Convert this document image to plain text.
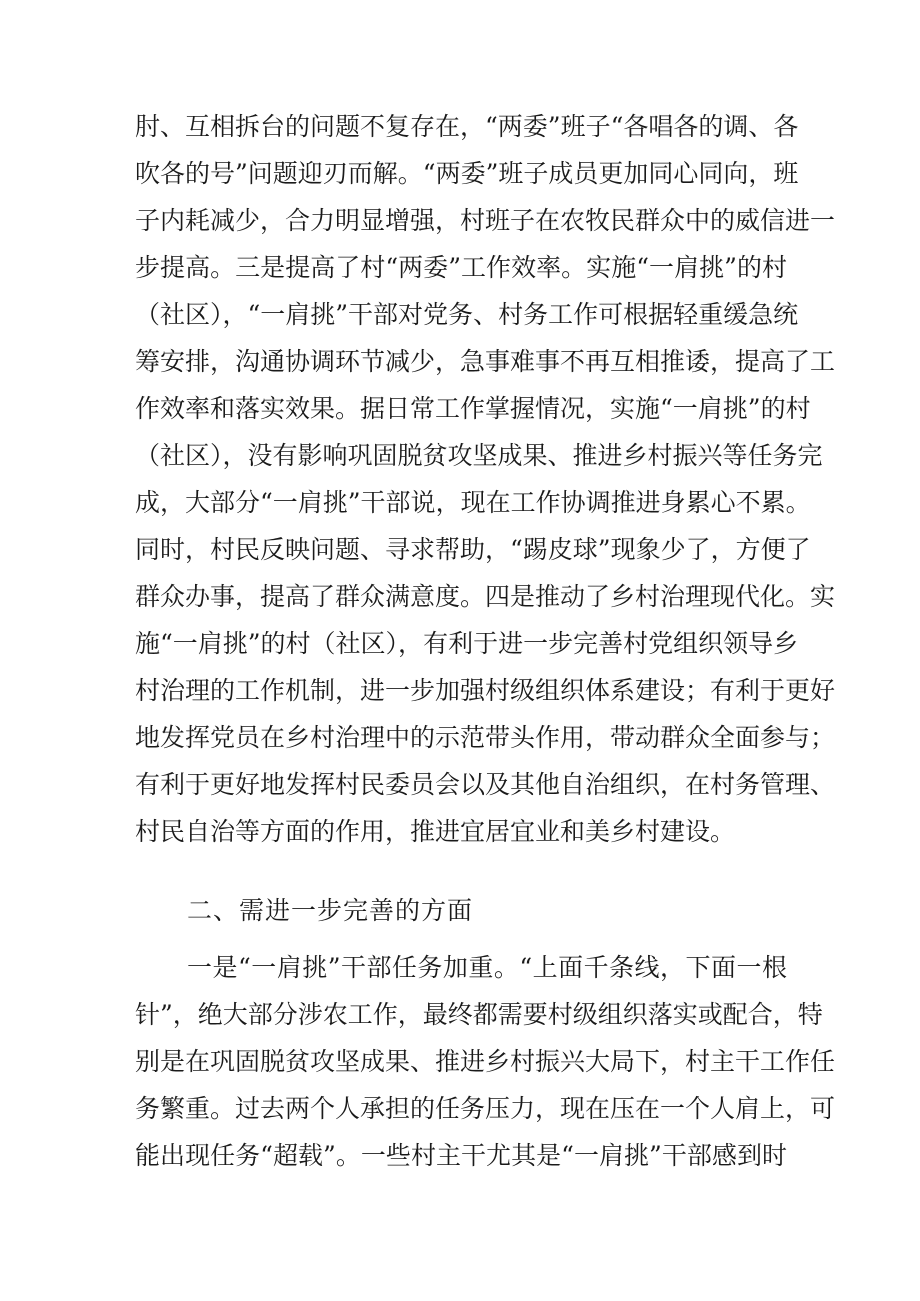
肘、互相拆台的问题不复存在，“两委”班子“各唱各的调、各
吹各的号”问题迎刃而解。“两委”班子成员更加同心同向，班
子内耗减少，合力明显增强，村班子在农牧民群众中的威信进一
步提高。三是提高了村“两委”工作效率。实施“一肩挑”的村
（社区），“一肩挑”干部对党务、村务工作可根据轻重缓急统
筹安排，沟通协调环节减少，急事难事不再互相推诿，提高了工
作效率和落实效果。据日常工作掌握情况，实施“一肩挑”的村
（社区），没有影响巩固脱贫攻坚成果、推进乡村振兴等任务完
成，大部分“一肩挑”干部说，现在工作协调推进身累心不累。
同时，村民反映问题、寻求帮助，“踢皮球”现象少了，方便了
群众办事，提高了群众满意度。四是推动了乡村治理现代化。实
施“一肩挑”的村（社区），有利于进一步完善村党组织领导乡
村治理的工作机制，进一步加强村级组织体系建设；有利于更好
地发挥党员在乡村治理中的示范带头作用，带动群众全面参与；
有利于更好地发挥村民委员会以及其他自治组织，在村务管理、
村民自治等方面的作用，推进宜居宜业和美乡村建设。
二、需进一步完善的方面
一是“一肩挑”干部任务加重。“上面千条线，下面一根
针”，绝大部分涉农工作，最终都需要村级组织落实或配合，特
别是在巩固脱贫攻坚成果、推进乡村振兴大局下，村主干工作任
务繁重。过去两个人承担的任务压力，现在压在一个人肩上，可
能出现任务“超载”。一些村主干尤其是“一肩挑”干部感到时
